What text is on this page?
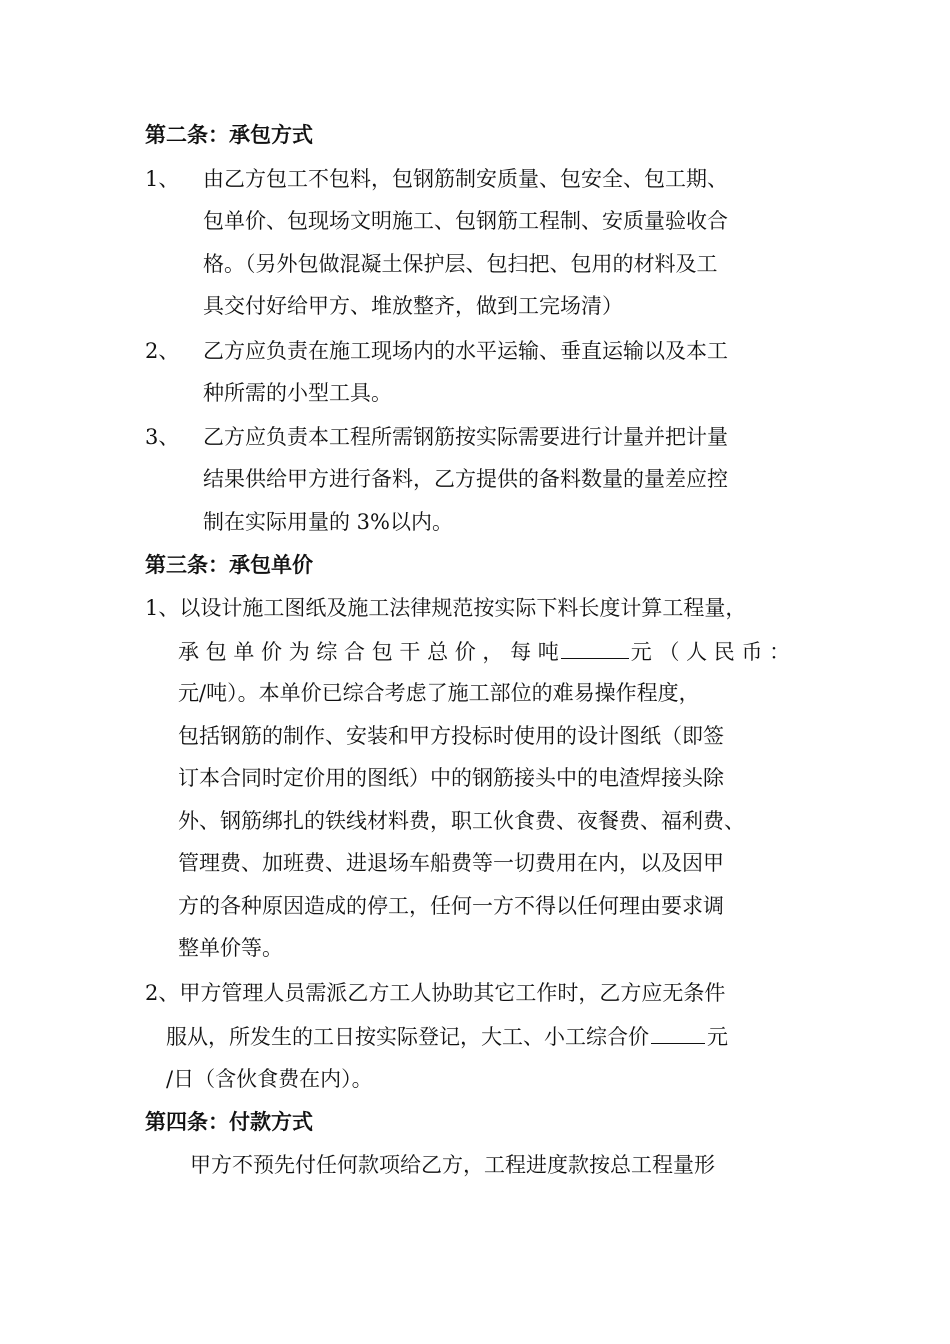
第二条：承包方式
1、 由乙方包工不包料，包钢筋制安质量、包安全、包工期、
包单价、包现场文明施工、包钢筋工程制、安质量验收合
格。（另外包做混凝土保护层、包扫把、包用的材料及工
具交付好给甲方、堆放整齐，做到工完场清）
2、 乙方应负责在施工现场内的水平运输、垂直运输以及本工
种所需的小型工具。
3、 乙方应负责本工程所需钢筋按实际需要进行计量并把计量
结果供给甲方进行备料，乙方提供的备料数量的量差应控
制在实际用量的 3%以内。
第三条：承包单价
1、以设计施工图纸及施工法律规范按实际下料长度计算工程量，
承 包 单 价 为 综 合 包 干 总 价 ， 每 吨	元 （ 人 民 币 ：
元/吨）。本单价已综合考虑了施工部位的难易操作程度，
包括钢筋的制作、安装和甲方投标时使用的设计图纸（即签
订本合同时定价用的图纸）中的钢筋接头中的电渣焊接头除
外、钢筋绑扎的铁线材料费，职工伙食费、夜餐费、福利费、
管理费、加班费、进退场车船费等一切费用在内，以及因甲
方的各种原因造成的停工，任何一方不得以任何理由要求调
整单价等。
2、甲方管理人员需派乙方工人协助其它工作时，乙方应无条件
服从，所发生的工日按实际登记，大工、小工综合价	元
/日（含伙食费在内）。
第四条：付款方式
甲方不预先付任何款项给乙方，工程进度款按总工程量形
